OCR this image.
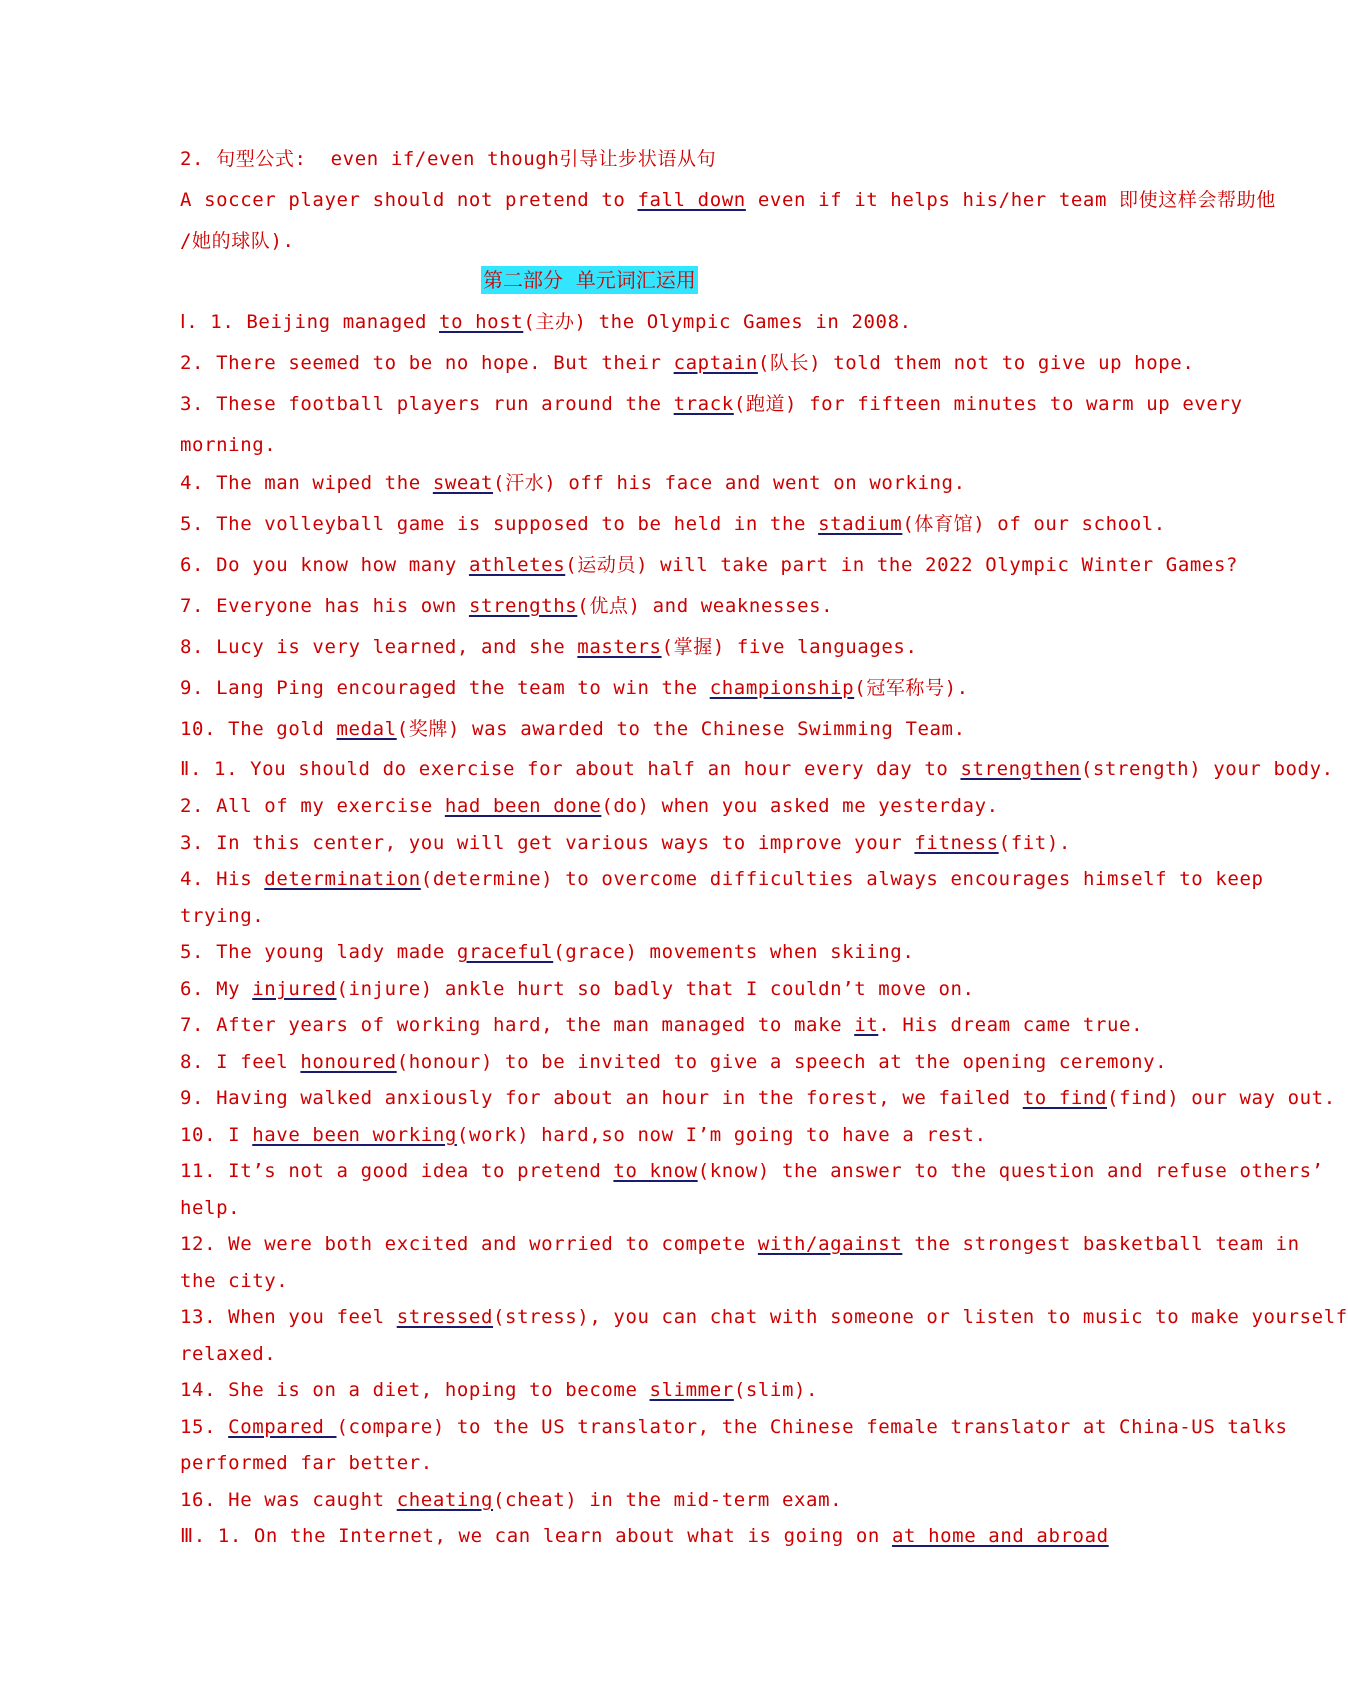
2. 句型公式:  even if/even though引导让步状语从句
A soccer player should not pretend to fall down even if it helps his/her team 即使这样会帮助他
/她的球队).
Ⅰ. 1. Beijing managed to host(主办) the Olympic Games in 2008.
2. There seemed to be no hope. But their captain(队长) told them not to give up hope.
3. These football players run around the track(跑道) for fifteen minutes to warm up every
morning.
4. The man wiped the sweat(汗水) off his face and went on working.
5. The volleyball game is supposed to be held in the stadium(体育馆) of our school.
6. Do you know how many athletes(运动员) will take part in the 2022 Olympic Winter Games?
7. Everyone has his own strengths(优点) and weaknesses.
8. Lucy is very learned, and she masters(掌握) five languages.
9. Lang Ping encouraged the team to win the championship(冠军称号).
10. The gold medal(奖牌) was awarded to the Chinese Swimming Team.
Ⅱ. 1. You should do exercise for about half an hour every day to strengthen(strength) your body.
2. All of my exercise had been done(do) when you asked me yesterday.
3. In this center, you will get various ways to improve your fitness(fit).
4. His determination(determine) to overcome difficulties always encourages himself to keep
trying.
5. The young lady made graceful(grace) movements when skiing.
6. My injured(injure) ankle hurt so badly that I couldn’t move on.
7. After years of working hard, the man managed to make it. His dream came true.
8. I feel honoured(honour) to be invited to give a speech at the opening ceremony.
9. Having walked anxiously for about an hour in the forest, we failed to find(find) our way out.
10. I have been working(work) hard,so now I’m going to have a rest.
11. It’s not a good idea to pretend to know(know) the answer to the question and refuse others’
help.
12. We were both excited and worried to compete with/against the strongest basketball team in
the city.
13. When you feel stressed(stress), you can chat with someone or listen to music to make yourself
relaxed.
14. She is on a diet, hoping to become slimmer(slim).
15. Compared (compare) to the US translator, the Chinese female translator at China-US talks
performed far better.
16. He was caught cheating(cheat) in the mid-term exam.
Ⅲ. 1. On the Internet, we can learn about what is going on at home and abroad
第二部分  单元词汇运用
